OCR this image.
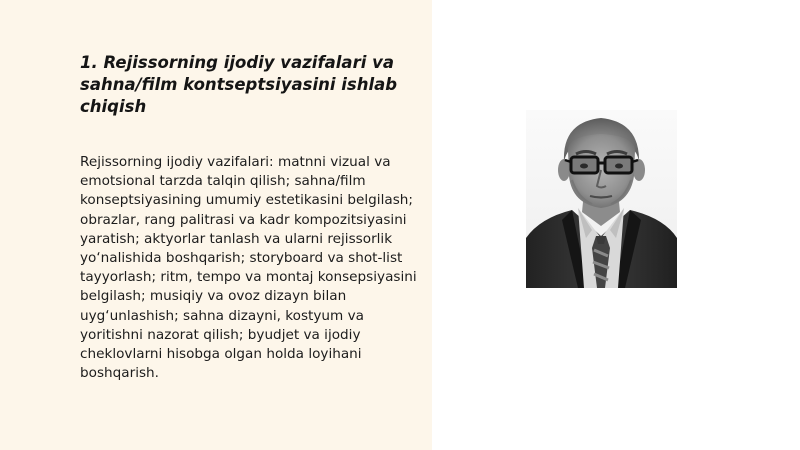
1. Rejissorning ijodiy vazifalari va sahna/film kontseptsiyasini ishlab chiqish

Rejissorning ijodiy vazifalari: matnni vizual va emotsional tarzda talqin qilish; sahna/film konseptsiyasining umumiy estetikasini belgilash; obrazlar, rang palitrasi va kadr kompozitsiyasini yaratish; aktyorlar tanlash va ularni rejissorlik yo‘nalishida boshqarish; storyboard va shot-list tayyorlash; ritm, tempo va montaj konsepsiyasini belgilash; musiqiy va ovoz dizayn bilan uyg‘unlashish; sahna dizayni, kostyum va yoritishni nazorat qilish; byudjet va ijodiy cheklovlarni hisobga olgan holda loyihani boshqarish.
